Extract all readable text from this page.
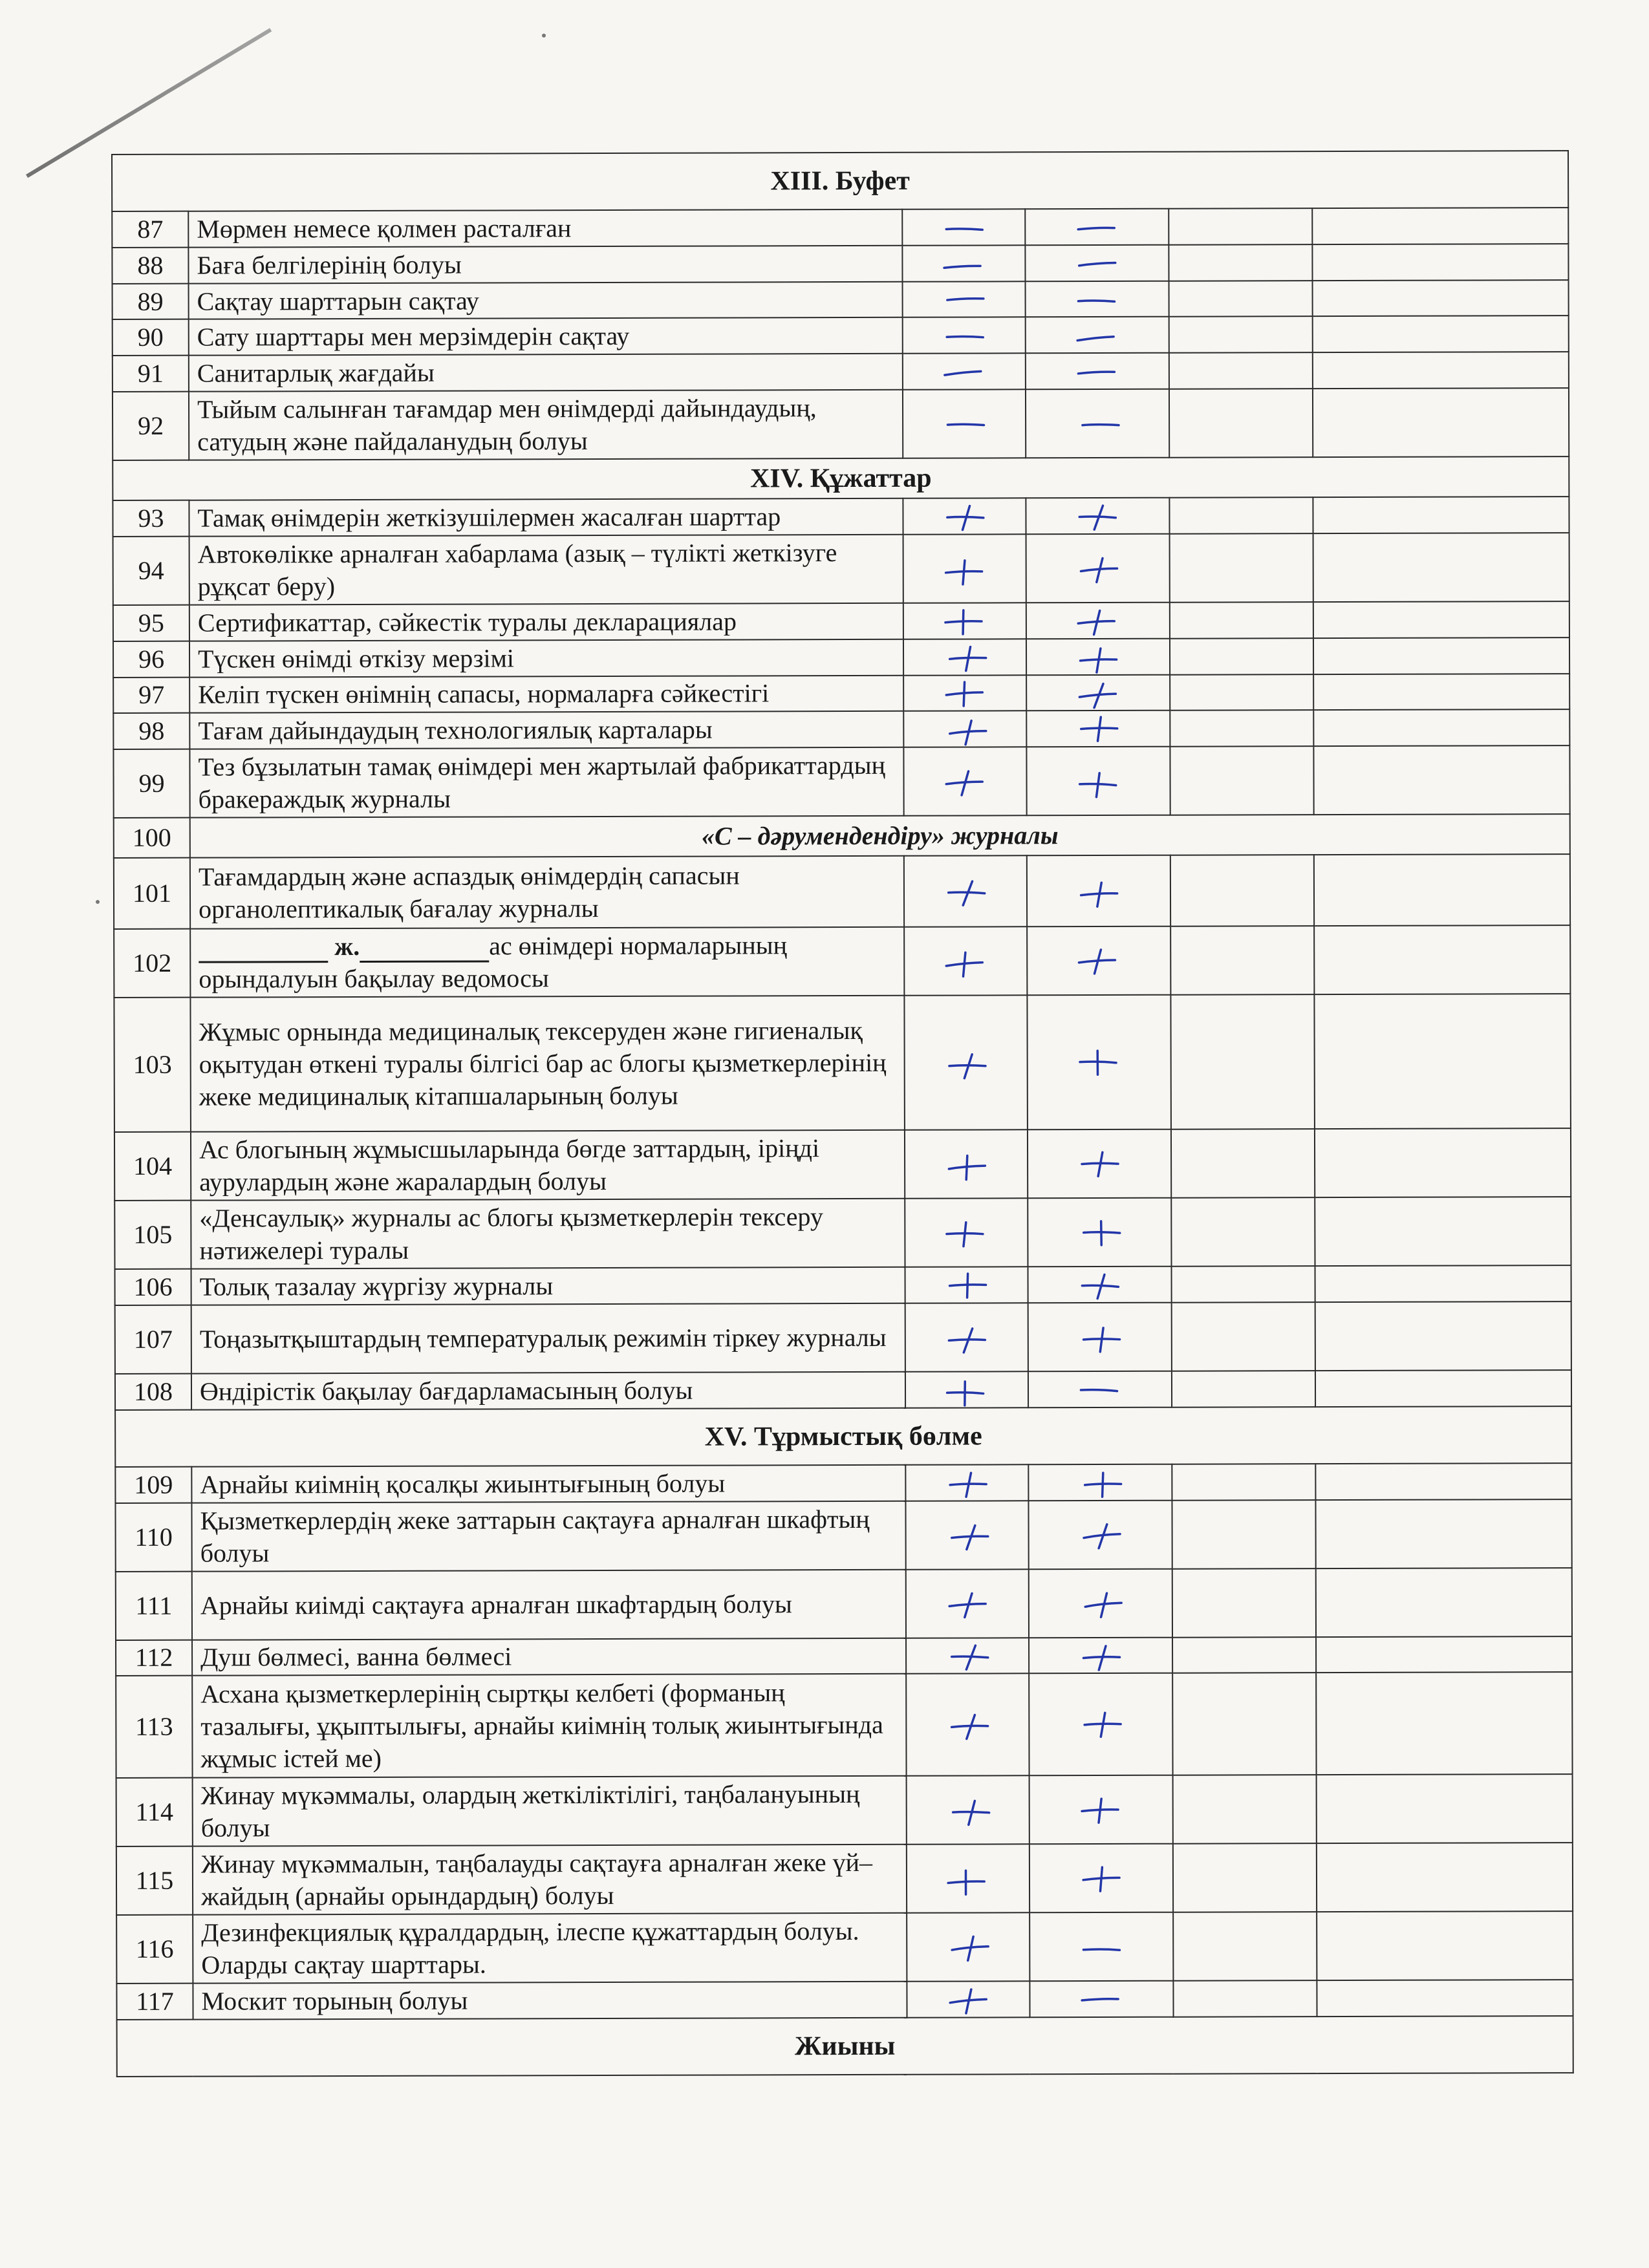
XIII. Буфет					
87	Мөрмен немесе қолмен расталған				
88	Баға белгілерінің болуы				
89	Сақтау шарттарын сақтау				
90	Сату шарттары мен мерзімдерін сақтау				
91	Санитарлық жағдайы				
92	Тыйым салынған тағамдар мен өнімдерді дайындаудың, сатудың және пайдаланудың болуы				
XIV. Құжаттар					
93	Тамақ өнімдерін жеткізушілермен жасалған шарттар				
94	Автокөлікке арналған хабарлама (азық – түлікті жеткізуге рұқсат беру)				
95	Сертификаттар, сәйкестік туралы декларациялар				
96	Түскен өнімді өткізу мерзімі				
97	Келіп түскен өнімнің сапасы, нормаларға сәйкестігі				
98	Тағам дайындаудың технологиялық карталары				
99	Тез бұзылатын тамақ өнімдері мен жартылай фабрикаттардың бракераждық журналы				
100	«С – дәрумендендіру» журналы				
101	Тағамдардың және аспаздық өнімдердің сапасын органолептикалық бағалау журналы				
102	ж. ас өнімдері нормаларының орындалуын бақылау ведомосы				
103	Жұмыс орнында медициналық тексеруден және гигиеналық оқытудан өткені туралы білгісі бар ас блогы қызметкерлерінің жеке медициналық кітапшаларының болуы				
104	Ас блогының жұмысшыларында бөгде заттардың, іріңді аурулардың және жаралардың болуы				
105	«Денсаулық» журналы ас блогы қызметкерлерін тексеру нәтижелері туралы				
106	Толық тазалау жүргізу журналы				
107	Тоңазытқыштардың температуралық режимін тіркеу журналы				
108	Өндірістік бақылау бағдарламасының болуы				
XV. Тұрмыстық бөлме					
109	Арнайы киімнің қосалқы жиынтығының болуы				
110	Қызметкерлердің жеке заттарын сақтауға арналған шкафтың болуы				
111	Арнайы киімді сақтауға арналған шкафтардың болуы				
112	Душ бөлмесі, ванна бөлмесі				
113	Асхана қызметкерлерінің сыртқы келбеті (форманың тазалығы, ұқыптылығы, арнайы киімнің толық жиынтығында жұмыс істей ме)				
114	Жинау мүкәммалы, олардың жеткіліктілігі, таңбалануының болуы				
115	Жинау мүкәммалын, таңбалауды сақтауға арналған жеке үй–жайдың (арнайы орындардың) болуы				
116	Дезинфекциялық құралдардың, ілеспе құжаттардың болуы. Оларды сақтау шарттары.				
117	Москит торының болуы				
Жиыны					
